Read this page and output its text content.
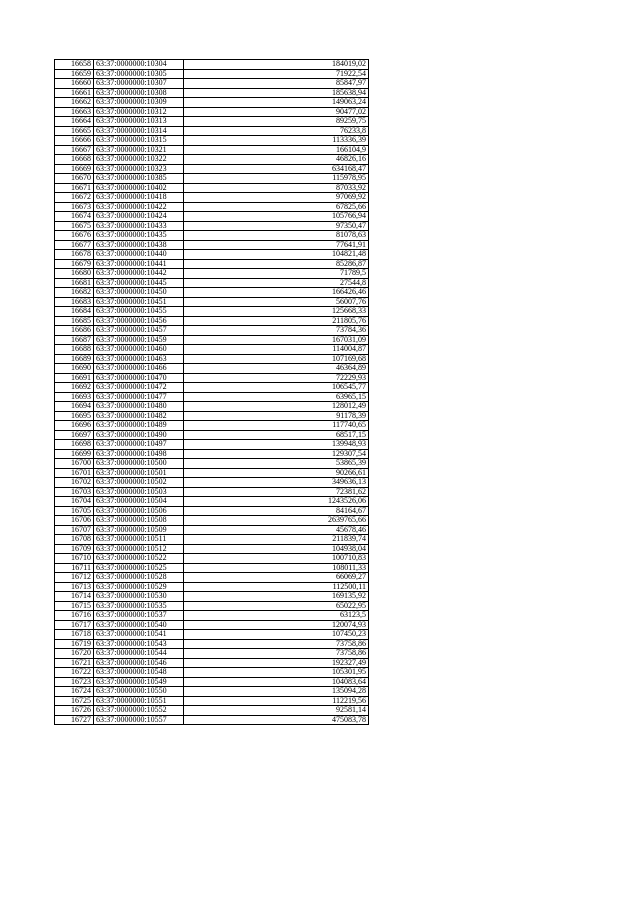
16658	63:37:0000000:10304	184019,02
16659	63:37:0000000:10305	71922,54
16660	63:37:0000000:10307	85847,97
16661	63:37:0000000:10308	185638,94
16662	63:37:0000000:10309	149063,24
16663	63:37:0000000:10312	90477,02
16664	63:37:0000000:10313	89259,75
16665	63:37:0000000:10314	76233,8
16666	63:37:0000000:10315	113336,39
16667	63:37:0000000:10321	166104,9
16668	63:37:0000000:10322	46826,16
16669	63:37:0000000:10323	634168,47
16670	63:37:0000000:10385	115978,95
16671	63:37:0000000:10402	87033,92
16672	63:37:0000000:10418	97069,92
16673	63:37:0000000:10422	67825,66
16674	63:37:0000000:10424	105766,94
16675	63:37:0000000:10433	97350,47
16676	63:37:0000000:10435	81078,63
16677	63:37:0000000:10438	77641,91
16678	63:37:0000000:10440	104821,48
16679	63:37:0000000:10441	85286,87
16680	63:37:0000000:10442	71789,5
16681	63:37:0000000:10445	27544,8
16682	63:37:0000000:10450	166426,46
16683	63:37:0000000:10451	56007,76
16684	63:37:0000000:10455	125668,33
16685	63:37:0000000:10456	211805,76
16686	63:37:0000000:10457	73784,36
16687	63:37:0000000:10459	167031,09
16688	63:37:0000000:10460	114004,87
16689	63:37:0000000:10463	107169,68
16690	63:37:0000000:10466	46364,89
16691	63:37:0000000:10470	72229,93
16692	63:37:0000000:10472	106545,77
16693	63:37:0000000:10477	63965,15
16694	63:37:0000000:10480	128012,49
16695	63:37:0000000:10482	91178,39
16696	63:37:0000000:10489	117740,65
16697	63:37:0000000:10490	68517,15
16698	63:37:0000000:10497	139948,93
16699	63:37:0000000:10498	129307,54
16700	63:37:0000000:10500	53865,39
16701	63:37:0000000:10501	90266,61
16702	63:37:0000000:10502	349636,13
16703	63:37:0000000:10503	72381,62
16704	63:37:0000000:10504	1243526,06
16705	63:37:0000000:10506	84164,67
16706	63:37:0000000:10508	2639765,66
16707	63:37:0000000:10509	45678,46
16708	63:37:0000000:10511	211839,74
16709	63:37:0000000:10512	104938,04
16710	63:37:0000000:10522	100710,83
16711	63:37:0000000:10525	108011,33
16712	63:37:0000000:10528	66069,27
16713	63:37:0000000:10529	112500,11
16714	63:37:0000000:10530	169135,92
16715	63:37:0000000:10535	65022,95
16716	63:37:0000000:10537	63123,5
16717	63:37:0000000:10540	120074,93
16718	63:37:0000000:10541	107450,23
16719	63:37:0000000:10543	73758,86
16720	63:37:0000000:10544	73758,86
16721	63:37:0000000:10546	192327,49
16722	63:37:0000000:10548	105301,95
16723	63:37:0000000:10549	104083,64
16724	63:37:0000000:10550	135094,28
16725	63:37:0000000:10551	112219,56
16726	63:37:0000000:10552	92581,14
16727	63:37:0000000:10557	475083,78
